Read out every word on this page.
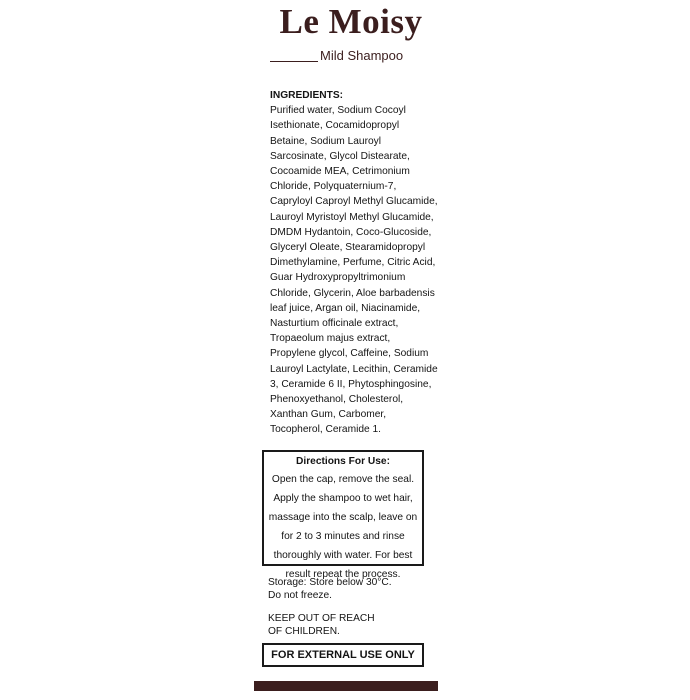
Le Moisy
Mild Shampoo
INGREDIENTS:
Purified water, Sodium Cocoyl Isethionate, Cocamidopropyl Betaine, Sodium Lauroyl Sarcosinate, Glycol Distearate, Cocoamide MEA, Cetrimonium Chloride, Polyquaternium-7, Capryloyl Caproyl Methyl Glucamide, Lauroyl Myristoyl Methyl Glucamide, DMDM Hydantoin, Coco-Glucoside, Glyceryl Oleate, Stearamidopropyl Dimethylamine, Perfume, Citric Acid, Guar Hydroxypropyltrimonium Chloride, Glycerin, Aloe barbadensis leaf juice, Argan oil, Niacinamide, Nasturtium officinale extract, Tropaeolum majus extract, Propylene glycol, Caffeine, Sodium Lauroyl Lactylate, Lecithin, Ceramide 3, Ceramide 6 II, Phytosphingosine, Phenoxyethanol, Cholesterol, Xanthan Gum, Carbomer, Tocopherol, Ceramide 1.
Directions For Use:
Open the cap, remove the seal. Apply the shampoo to wet hair, massage into the scalp, leave on for 2 to 3 minutes and rinse thoroughly with water. For best result repeat the process.
Storage: Store below 30°C.
Do not freeze.
KEEP OUT OF REACH
OF CHILDREN.
FOR EXTERNAL USE ONLY
